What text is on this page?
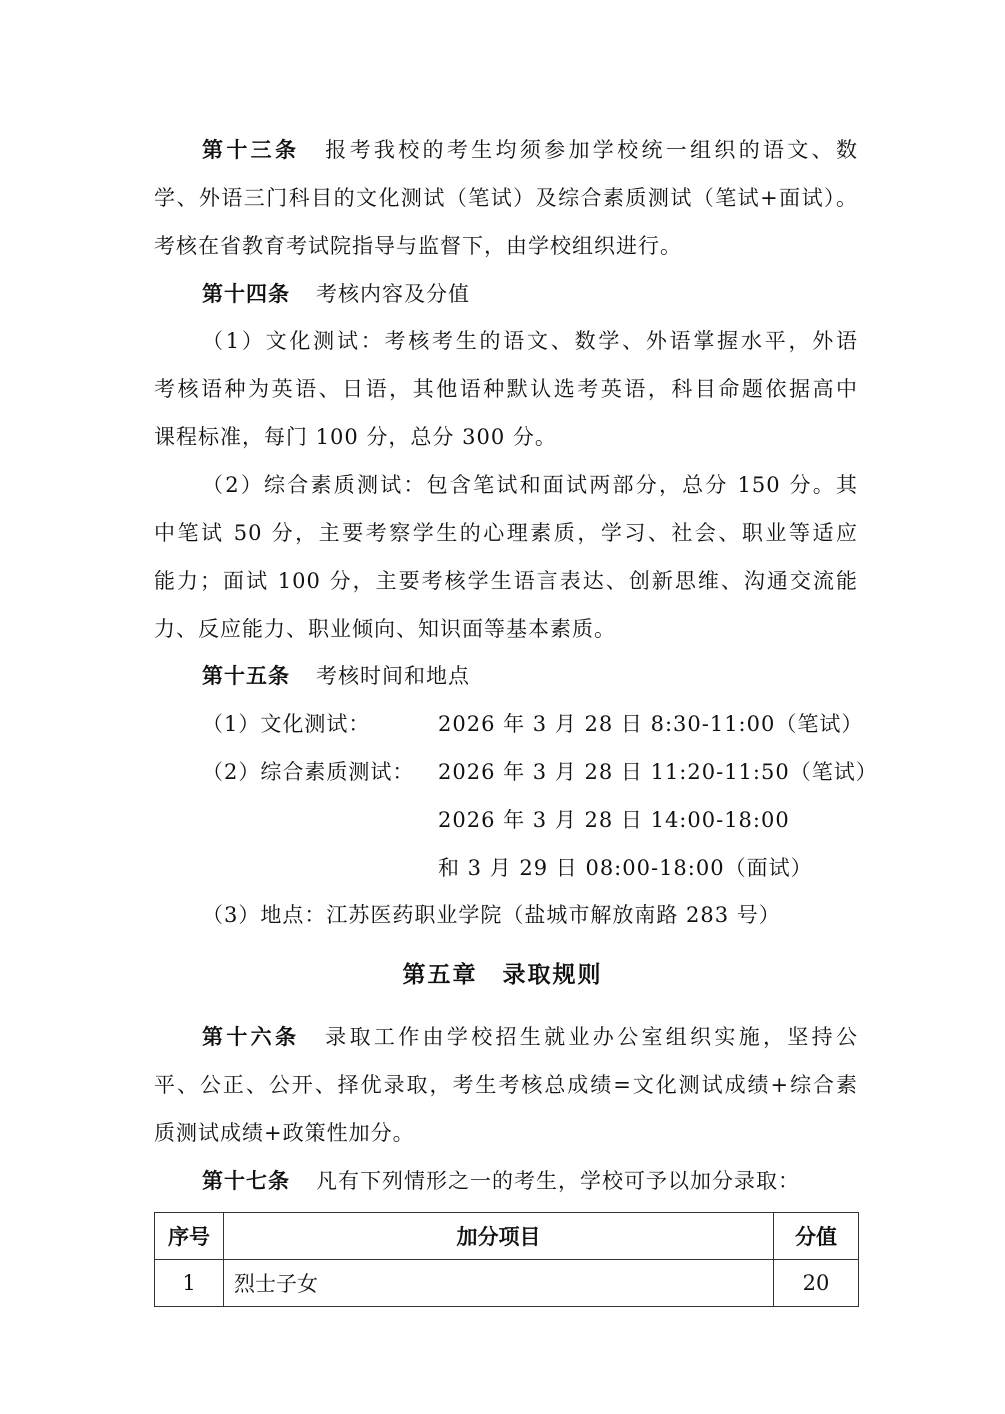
第十三条 报考我校的考生均须参加学校统一组织的语文、数
学、外语三门科目的文化测试（笔试）及综合素质测试（笔试+面试）。
考核在省教育考试院指导与监督下，由学校组织进行。
第十四条 考核内容及分值
（1）文化测试：考核考生的语文、数学、外语掌握水平，外语
考核语种为英语、日语，其他语种默认选考英语，科目命题依据高中
课程标准，每门 100 分，总分 300 分。
（2）综合素质测试：包含笔试和面试两部分，总分 150 分。其
中笔试 50 分，主要考察学生的心理素质，学习、社会、职业等适应
能力；面试 100 分，主要考核学生语言表达、创新思维、沟通交流能
力、反应能力、职业倾向、知识面等基本素质。
第十五条 考核时间和地点
（1）文化测试：	2026 年 3 月 28 日 8:30-11:00（笔试）
（2）综合素质测试： 2026 年 3 月 28 日 11:20-11:50（笔试）
2026 年 3 月 28 日 14:00-18:00
和 3 月 29 日 08:00-18:00（面试）
（3）地点：江苏医药职业学院（盐城市解放南路 283 号）
第五章　录取规则
第十六条 录取工作由学校招生就业办公室组织实施，坚持公
平、公正、公开、择优录取，考生考核总成绩=文化测试成绩+综合素
质测试成绩+政策性加分。
第十七条 凡有下列情形之一的考生，学校可予以加分录取：
序号	加分项目	分值
1	烈士子女	20
